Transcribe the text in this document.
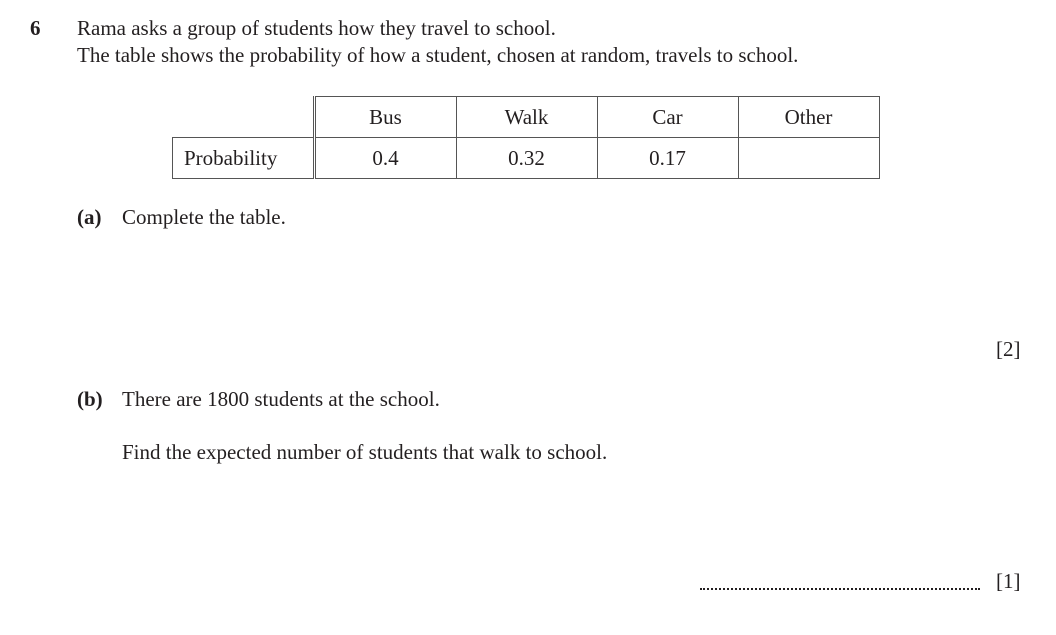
6 Rama asks a group of students how they travel to school.
The table shows the probability of how a student, chosen at random, travels to school.
	Bus	Walk	Car	Other
Probability	0.4	0.32	0.17	
(a) Complete the table.
[2]
(b) There are 1800 students at the school.
Find the expected number of students that walk to school.
[1]
